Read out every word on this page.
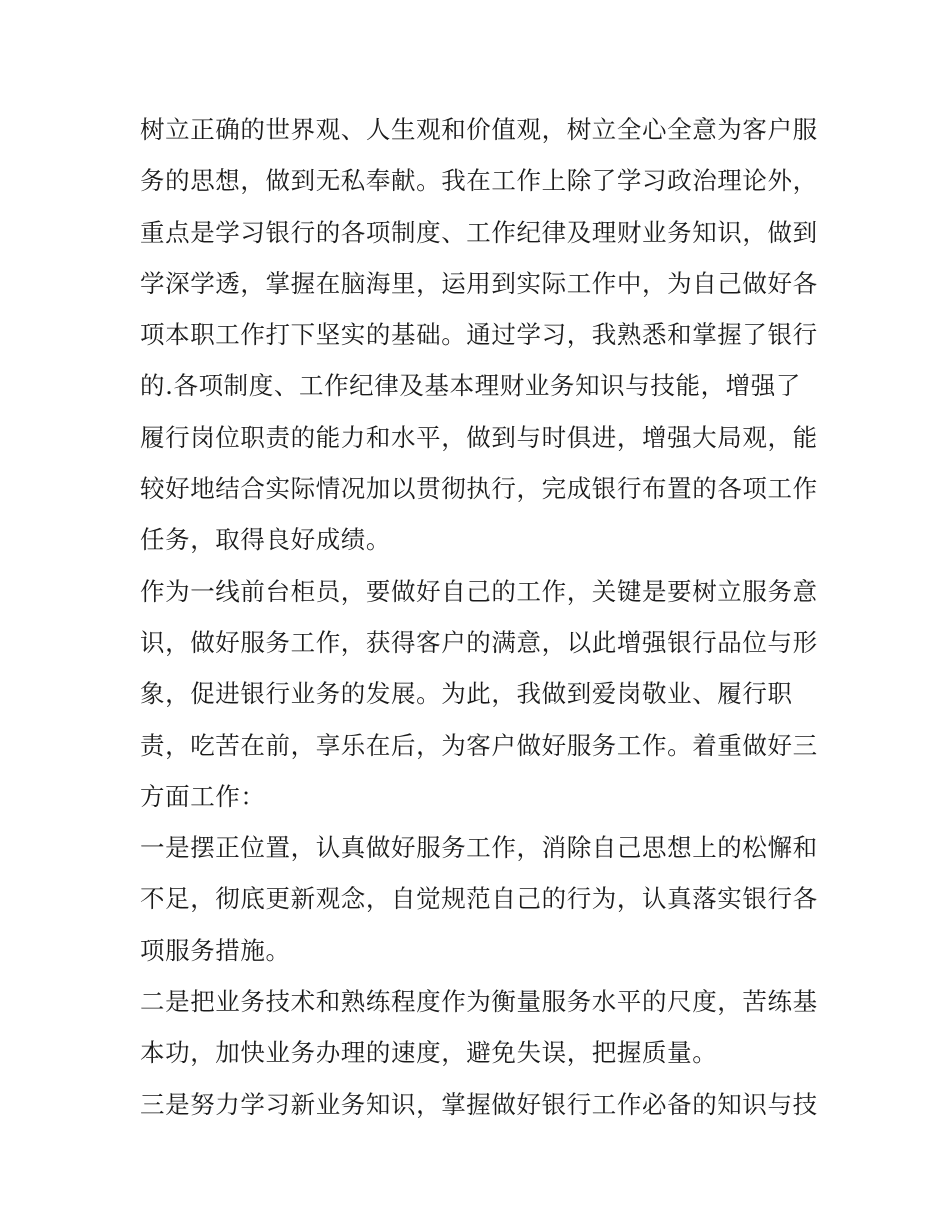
树立正确的世界观、人生观和价值观，树立全心全意为客户服
务的思想，做到无私奉献。我在工作上除了学习政治理论外，
重点是学习银行的各项制度、工作纪律及理财业务知识，做到
学深学透，掌握在脑海里，运用到实际工作中，为自己做好各
项本职工作打下坚实的基础。通过学习，我熟悉和掌握了银行
的.各项制度、工作纪律及基本理财业务知识与技能，增强了
履行岗位职责的能力和水平，做到与时俱进，增强大局观，能
较好地结合实际情况加以贯彻执行，完成银行布置的各项工作
任务，取得良好成绩。
作为一线前台柜员，要做好自己的工作，关键是要树立服务意
识，做好服务工作，获得客户的满意，以此增强银行品位与形
象，促进银行业务的发展。为此，我做到爱岗敬业、履行职
责，吃苦在前，享乐在后，为客户做好服务工作。着重做好三
方面工作：
一是摆正位置，认真做好服务工作，消除自己思想上的松懈和
不足，彻底更新观念，自觉规范自己的行为，认真落实银行各
项服务措施。
二是把业务技术和熟练程度作为衡量服务水平的尺度，苦练基
本功，加快业务办理的速度，避免失误，把握质量。
三是努力学习新业务知识，掌握做好银行工作必备的知识与技
